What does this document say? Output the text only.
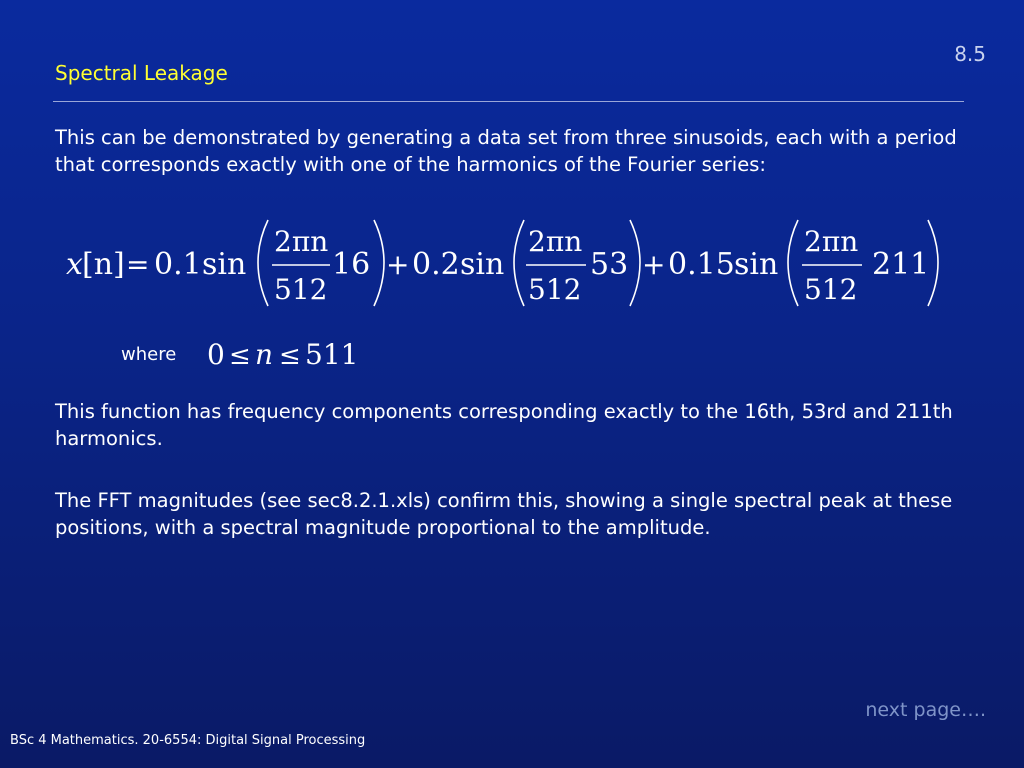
8.5
Spectral Leakage

This can be demonstrated by generating a data set from three sinusoids, each with a period that corresponds exactly with one of the harmonics of the Fourier series:

x [n] = 0.1 sin
2πn
512
16 + 0.2 sin
2πn
512
53 + 0.15 sin
2πn
512
211
where 0 ≤ n ≤ 511

This function has frequency components corresponding exactly to the 16th, 53rd and 211th harmonics.

The FFT magnitudes (see sec8.2.1.xls) confirm this, showing a single spectral peak at these positions, with a spectral magnitude proportional to the amplitude.

next page….
BSc 4 Mathematics. 20-6554: Digital Signal Processing
